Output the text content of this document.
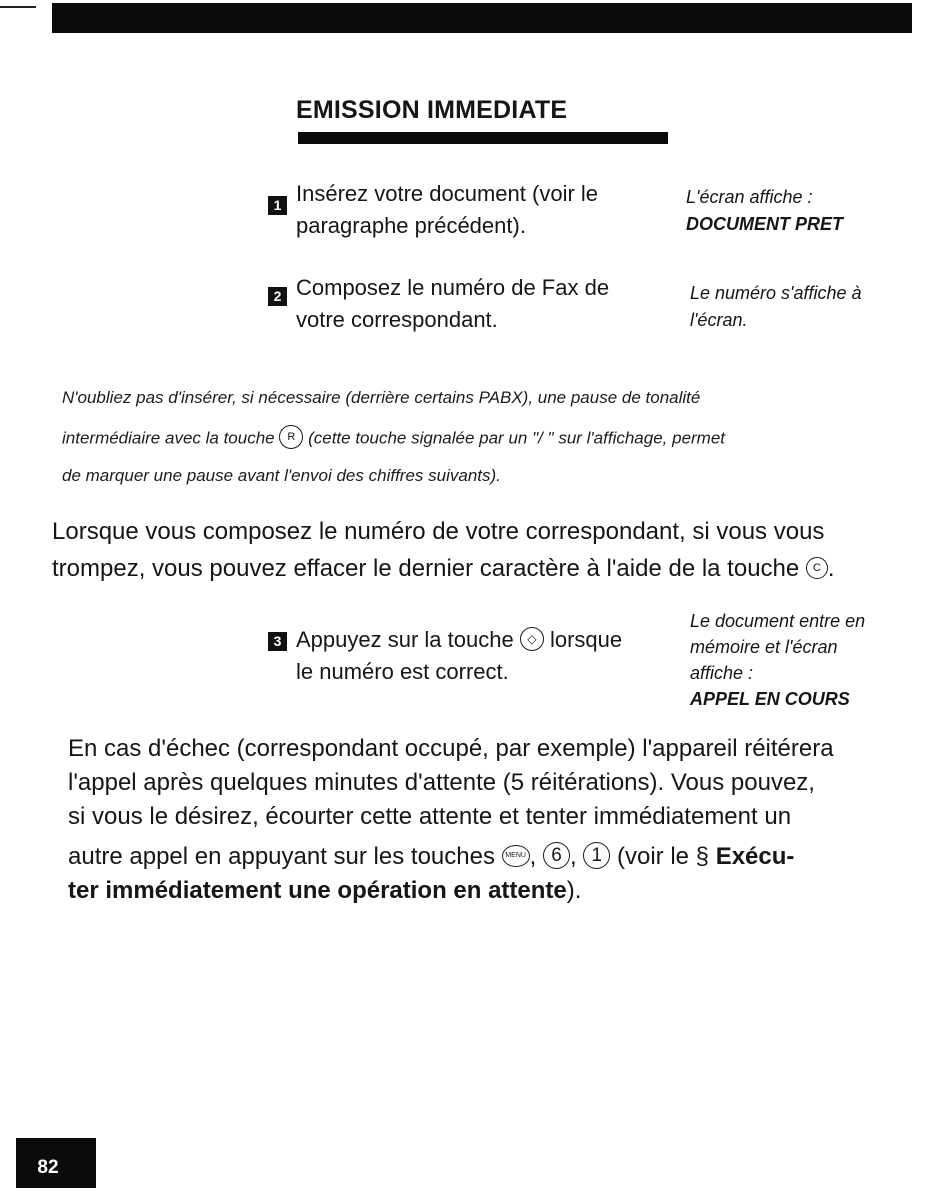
EMISSION IMMEDIATE
1 Insérez votre document (voir le
paragraphe précédent).
L'écran affiche :
DOCUMENT PRET
2 Composez le numéro de Fax de
votre correspondant.
Le numéro s'affiche à
l'écran.
N'oubliez pas d'insérer, si nécessaire (derrière certains PABX), une pause de tonalité
intermédiaire avec la touche R (cette touche signalée par un "/ " sur l'affichage, permet
de marquer une pause avant l'envoi des chiffres suivants).
Lorsque vous composez le numéro de votre correspondant, si vous vous
trompez, vous pouvez effacer le dernier caractère à l'aide de la touche C .
3 Appuyez sur la touche ◇ lorsque
le numéro est correct.
Le document entre en
mémoire et l'écran
affiche :
APPEL EN COURS
En cas d'échec (correspondant occupé, par exemple) l'appareil réitérera
l'appel après quelques minutes d'attente (5 réitérations). Vous pouvez,
si vous le désirez, écourter cette attente et tenter immédiatement un
autre appel en appuyant sur les touches MENU , 6 , 1 (voir le § Exécu-
ter immédiatement une opération en attente).
82
